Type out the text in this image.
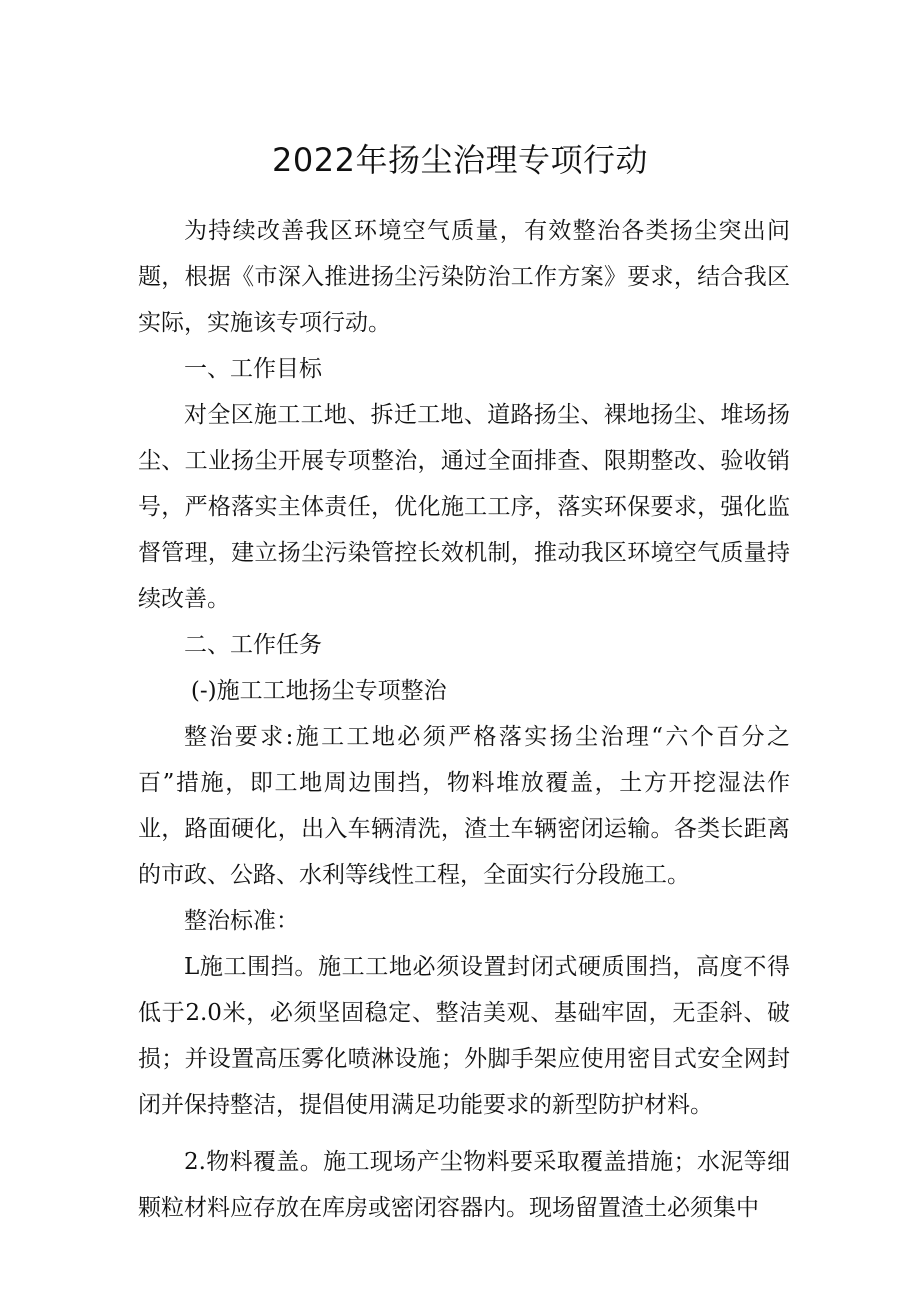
2022年扬尘治理专项行动

为持续改善我区环境空气质量，有效整治各类扬尘突出问题，根据《市深入推进扬尘污染防治工作方案》要求，结合我区实际，实施该专项行动。

一、工作目标

对全区施工工地、拆迁工地、道路扬尘、裸地扬尘、堆场扬尘、工业扬尘开展专项整治，通过全面排查、限期整改、验收销号，严格落实主体责任，优化施工工序，落实环保要求，强化监督管理，建立扬尘污染管控长效机制，推动我区环境空气质量持续改善。

二、工作任务

(-)施工工地扬尘专项整治

整治要求:施工工地必须严格落实扬尘治理“六个百分之百”措施，即工地周边围挡，物料堆放覆盖，土方开挖湿法作业，路面硬化，出入车辆清洗，渣土车辆密闭运输。各类长距离的市政、公路、水利等线性工程，全面实行分段施工。

整治标准：

L施工围挡。施工工地必须设置封闭式硬质围挡，高度不得低于2.0米，必须坚固稳定、整洁美观、基础牢固，无歪斜、破损；并设置高压雾化喷淋设施；外脚手架应使用密目式安全网封闭并保持整洁，提倡使用满足功能要求的新型防护材料。

2.物料覆盖。施工现场产尘物料要采取覆盖措施；水泥等细颗粒材料应存放在库房或密闭容器内。现场留置渣土必须集中
